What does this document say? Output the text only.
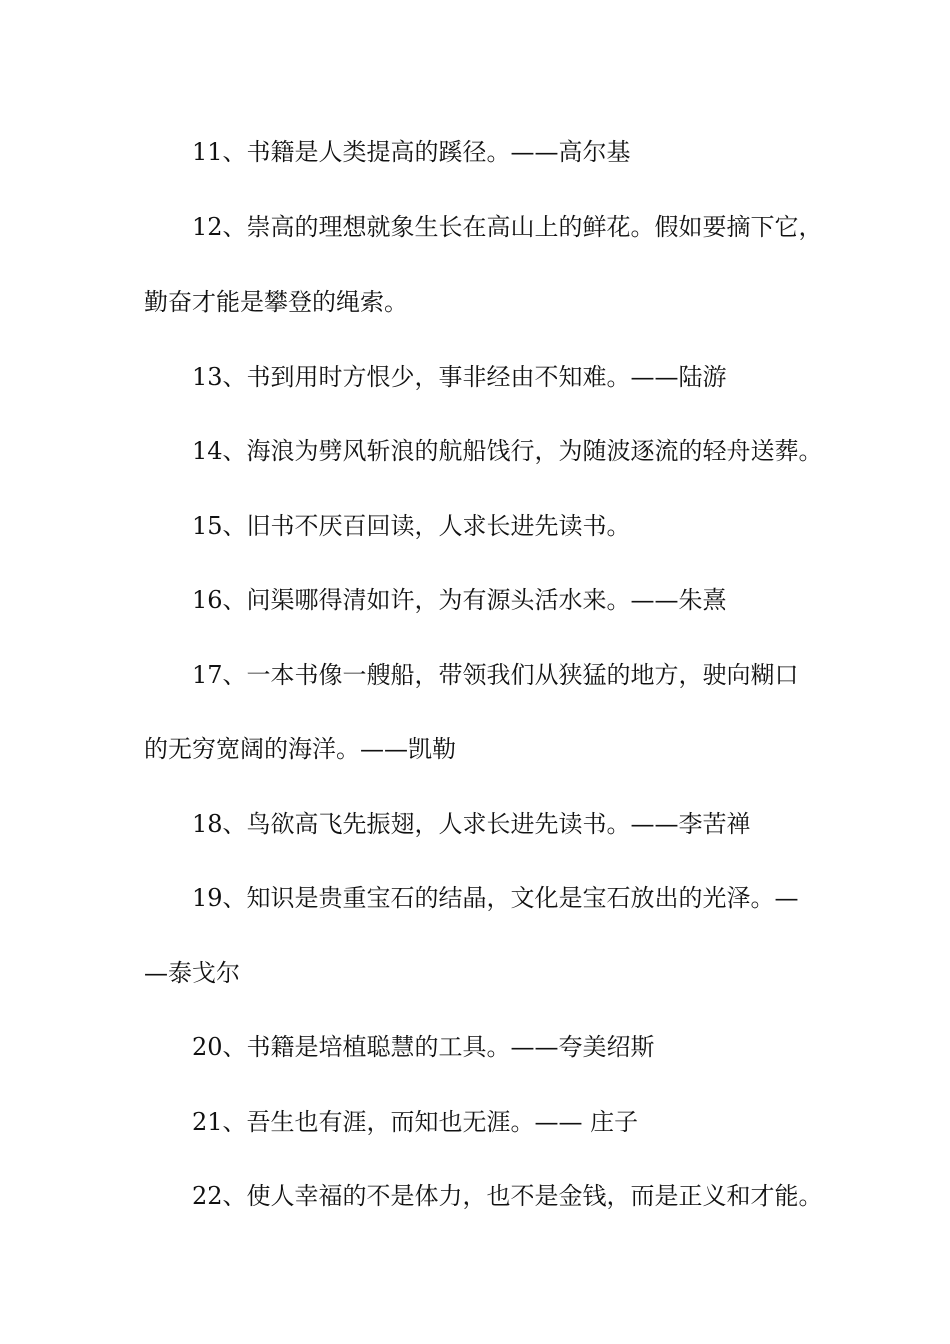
11、书籍是人类提高的蹊径。——高尔基
12、崇高的理想就象生长在高山上的鲜花。假如要摘下它，
勤奋才能是攀登的绳索。
13、书到用时方恨少，事非经由不知难。——陆游
14、海浪为劈风斩浪的航船饯行，为随波逐流的轻舟送葬。
15、旧书不厌百回读，人求长进先读书。
16、问渠哪得清如许，为有源头活水来。——朱熹
17、一本书像一艘船，带领我们从狭猛的地方，驶向糊口
的无穷宽阔的海洋。——凯勒
18、鸟欲高飞先振翅，人求长进先读书。——李苦禅
19、知识是贵重宝石的结晶，文化是宝石放出的光泽。—
—泰戈尔
20、书籍是培植聪慧的工具。——夸美绍斯
21、吾生也有涯，而知也无涯。—— 庄子
22、使人幸福的不是体力，也不是金钱，而是正义和才能。
